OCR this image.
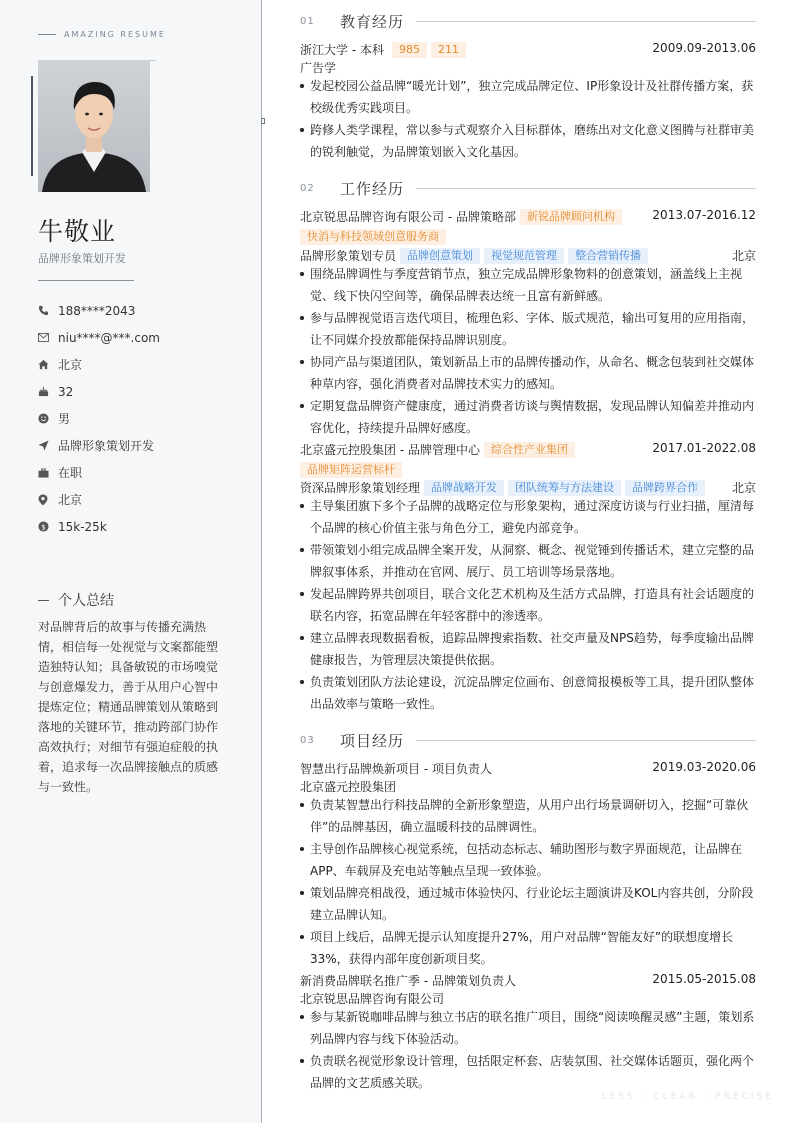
AMAZING RESUME
牛敬业
品牌形象策划开发
188****2043
niu****@***.com
北京
32
男
品牌形象策划开发
在职
北京
$ 15k-25k
个人总结
对品牌背后的故事与传播充满热情，相信每一处视觉与文案都能塑造独特认知；具备敏锐的市场嗅觉与创意爆发力，善于从用户心智中提炼定位；精通品牌策划从策略到落地的关键环节，推动跨部门协作高效执行；对细节有强迫症般的执着，追求每一次品牌接触点的质感与一致性。
01	教育经历
浙江大学 - 本科 985 211	2009.09-2013.06
广告学
发起校园公益品牌“暖光计划”，独立完成品牌定位、IP形象设计及社群传播方案，获校级优秀实践项目。
跨修人类学课程，常以参与式观察介入目标群体，磨练出对文化意义图腾与社群审美的锐利触觉，为品牌策划嵌入文化基因。
02	工作经历
北京锐思品牌咨询有限公司 - 品牌策略部 新锐品牌顾问机构	2013.07-2016.12
快消与科技领域创意服务商
品牌形象策划专员 品牌创意策划 视觉规范管理 整合营销传播	北京
围绕品牌调性与季度营销节点，独立完成品牌形象物料的创意策划，涵盖线上主视觉、线下快闪空间等，确保品牌表达统一且富有新鲜感。
参与品牌视觉语言迭代项目，梳理色彩、字体、版式规范，输出可复用的应用指南，让不同媒介投放都能保持品牌识别度。
协同产品与渠道团队，策划新品上市的品牌传播动作，从命名、概念包装到社交媒体种草内容，强化消费者对品牌技术实力的感知。
定期复盘品牌资产健康度，通过消费者访谈与舆情数据，发现品牌认知偏差并推动内容优化，持续提升品牌好感度。
北京盛元控股集团 - 品牌管理中心 综合性产业集团	2017.01-2022.08
品牌矩阵运营标杆
资深品牌形象策划经理 品牌战略开发 团队统筹与方法建设 品牌跨界合作	北京
主导集团旗下多个子品牌的战略定位与形象架构，通过深度访谈与行业扫描，厘清每个品牌的核心价值主张与角色分工，避免内部竞争。
带领策划小组完成品牌全案开发，从洞察、概念、视觉锤到传播话术，建立完整的品牌叙事体系，并推动在官网、展厅、员工培训等场景落地。
发起品牌跨界共创项目，联合文化艺术机构及生活方式品牌，打造具有社会话题度的联名内容，拓宽品牌在年轻客群中的渗透率。
建立品牌表现数据看板，追踪品牌搜索指数、社交声量及NPS趋势，每季度输出品牌健康报告，为管理层决策提供依据。
负责策划团队方法论建设，沉淀品牌定位画布、创意简报模板等工具，提升团队整体出品效率与策略一致性。
03	项目经历
智慧出行品牌焕新项目 - 项目负责人	2019.03-2020.06
北京盛元控股集团
负责某智慧出行科技品牌的全新形象塑造，从用户出行场景调研切入，挖掘“可靠伙伴”的品牌基因，确立温暖科技的品牌调性。
主导创作品牌核心视觉系统，包括动态标志、辅助图形与数字界面规范，让品牌在APP、车载屏及充电站等触点呈现一致体验。
策划品牌亮相战役，通过城市体验快闪、行业论坛主题演讲及KOL内容共创，分阶段建立品牌认知。
项目上线后，品牌无提示认知度提升27%，用户对品牌“智能友好”的联想度增长33%，获得内部年度创新项目奖。
新消费品牌联名推广季 - 品牌策划负责人	2015.05-2015.08
北京锐思品牌咨询有限公司
参与某新锐咖啡品牌与独立书店的联名推广项目，围绕“阅读唤醒灵感”主题，策划系列品牌内容与线下体验活动。
负责联名视觉形象设计管理，包括限定杯套、店装氛围、社交媒体话题页，强化两个品牌的文艺质感关联。
LESS · CLEAR · PRECISE
